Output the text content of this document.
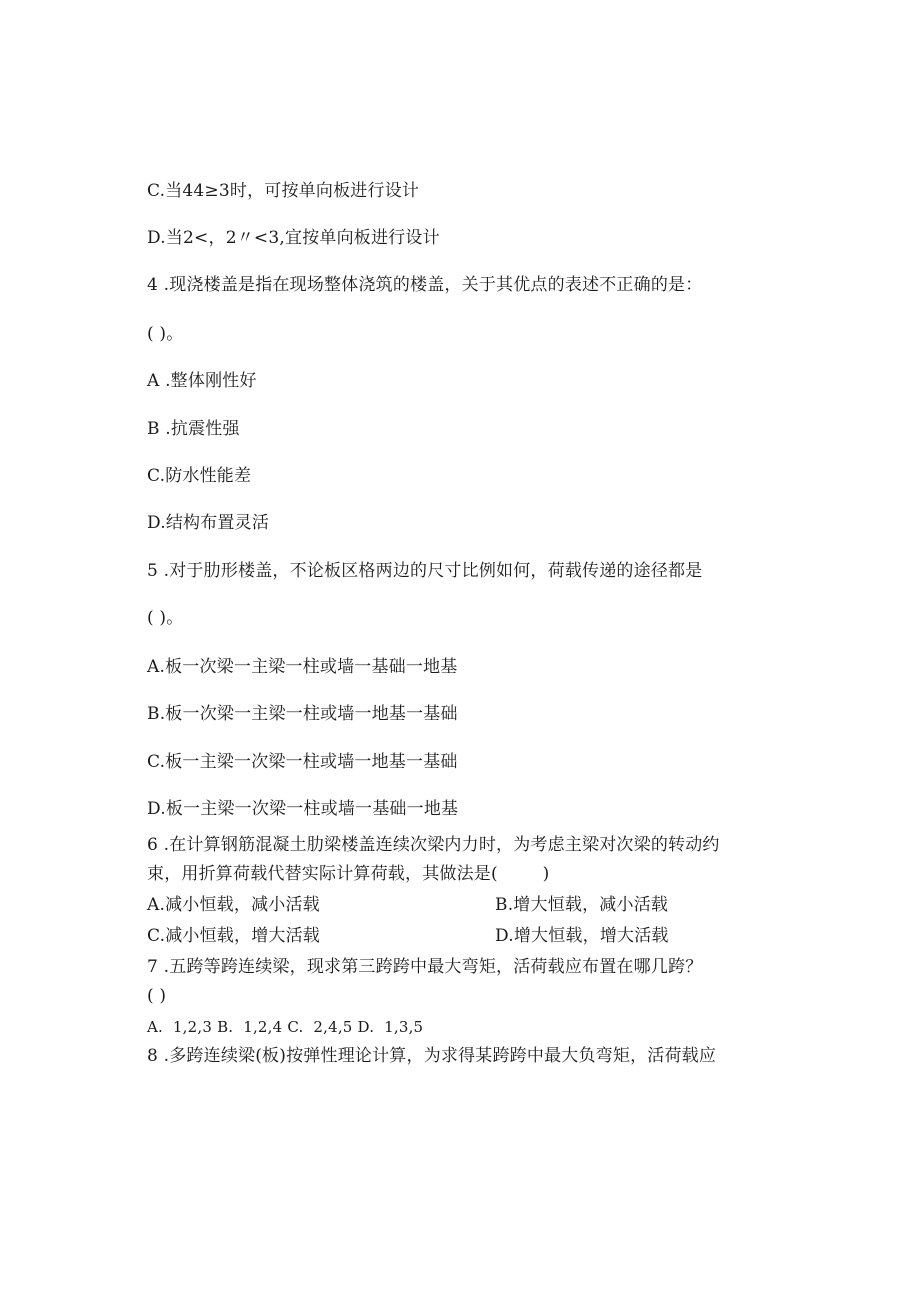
C.当44≥3时，可按单向板进行设计
D.当2<，2〃<3,宜按单向板进行设计
4 .现浇楼盖是指在现场整体浇筑的楼盖，关于其优点的表述不正确的是：
( )。
A .整体刚性好
B .抗震性强
C.防水性能差
D.结构布置灵活
5 .对于肋形楼盖，不论板区格两边的尺寸比例如何，荷载传递的途径都是
( )。
A.板一次梁一主梁一柱或墙一基础一地基
B.板一次梁一主梁一柱或墙一地基一基础
C.板一主梁一次梁一柱或墙一地基一基础
D.板一主梁一次梁一柱或墙一基础一地基
6 .在计算钢筋混凝土肋梁楼盖连续次梁内力时，为考虑主梁对次梁的转动约
束，用折算荷载代替实际计算荷载，其做法是(        )
A.减小恒载，减小活载	B.增大恒载，减小活载
C.减小恒载，增大活载	D.增大恒载，增大活载
7 .五跨等跨连续梁，现求第三跨跨中最大弯矩，活荷载应布置在哪几跨？
( )
A.  1,2,3 B.  1,2,4 C.  2,4,5 D.  1,3,5
8 .多跨连续梁(板)按弹性理论计算，为求得某跨跨中最大负弯矩，活荷载应
